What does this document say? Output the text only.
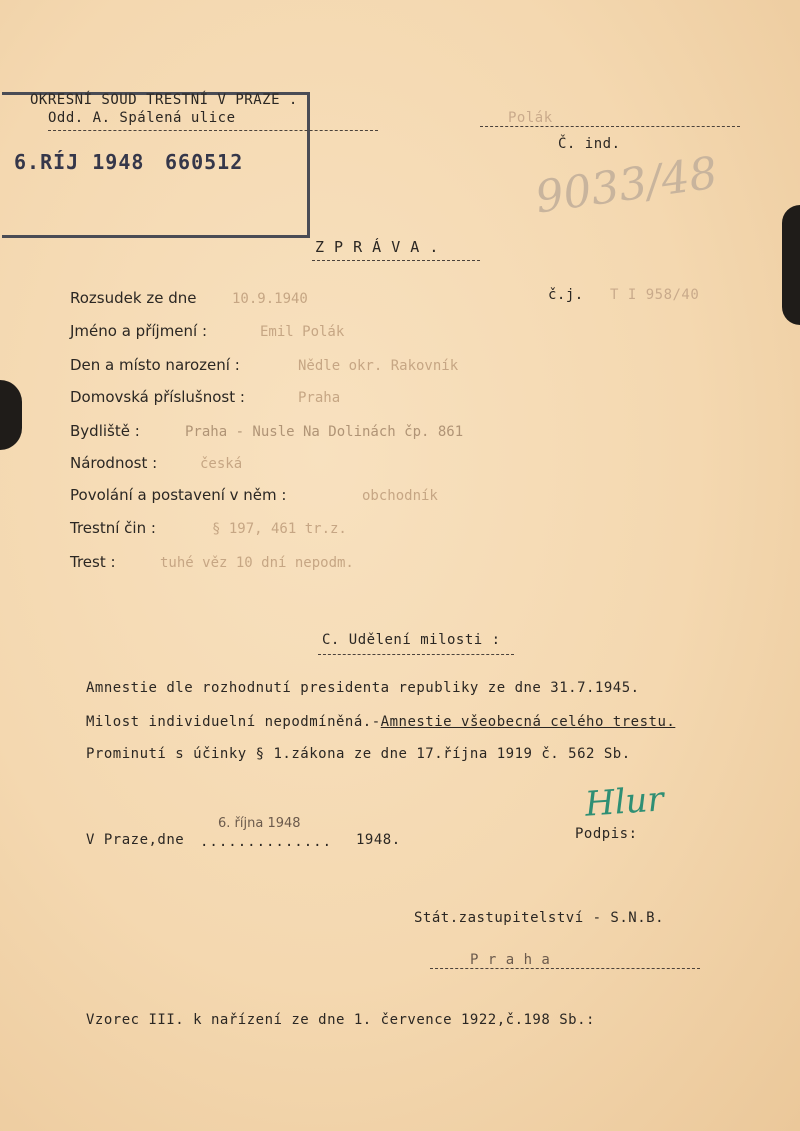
OKRESNÍ SOUD TRESTNÍ V PRAZE .
Odd. A. Spálená ulice
6.RÍJ 1948 660512
Polák
Č. ind.
9033/48
Z P R Á V A .
Rozsudek ze dne	10.9.1940	č.j. T I 958/40
Jméno a příjmení :	Emil Polák
Den a místo narození :	Nědle okr. Rakovník
Domovská příslušnost :	Praha
Bydliště :	Praha - Nusle Na Dolinách čp. 861
Národnost :	česká
Povolání a postavení v něm :	obchodník
Trestní čin :	§ 197, 461 tr.z.
Trest :	tuhé věz 10 dní nepodm.
C. Udělení milosti :
Amnestie dle rozhodnutí presidenta republiky ze dne 31.7.1945.
Milost individuelní nepodmíněná.-Amnestie všeobecná celého trestu.
Prominutí s účinky § 1.zákona ze dne 17.října 1919 č. 562 Sb.
V Praze,dne ..............
6. října 1948
1948.	Podpis:
Hlur
Stát.zastupitelství - S.N.B.
P r a h a
Vzorec III. k nařízení ze dne 1. července 1922,č.198 Sb.:
